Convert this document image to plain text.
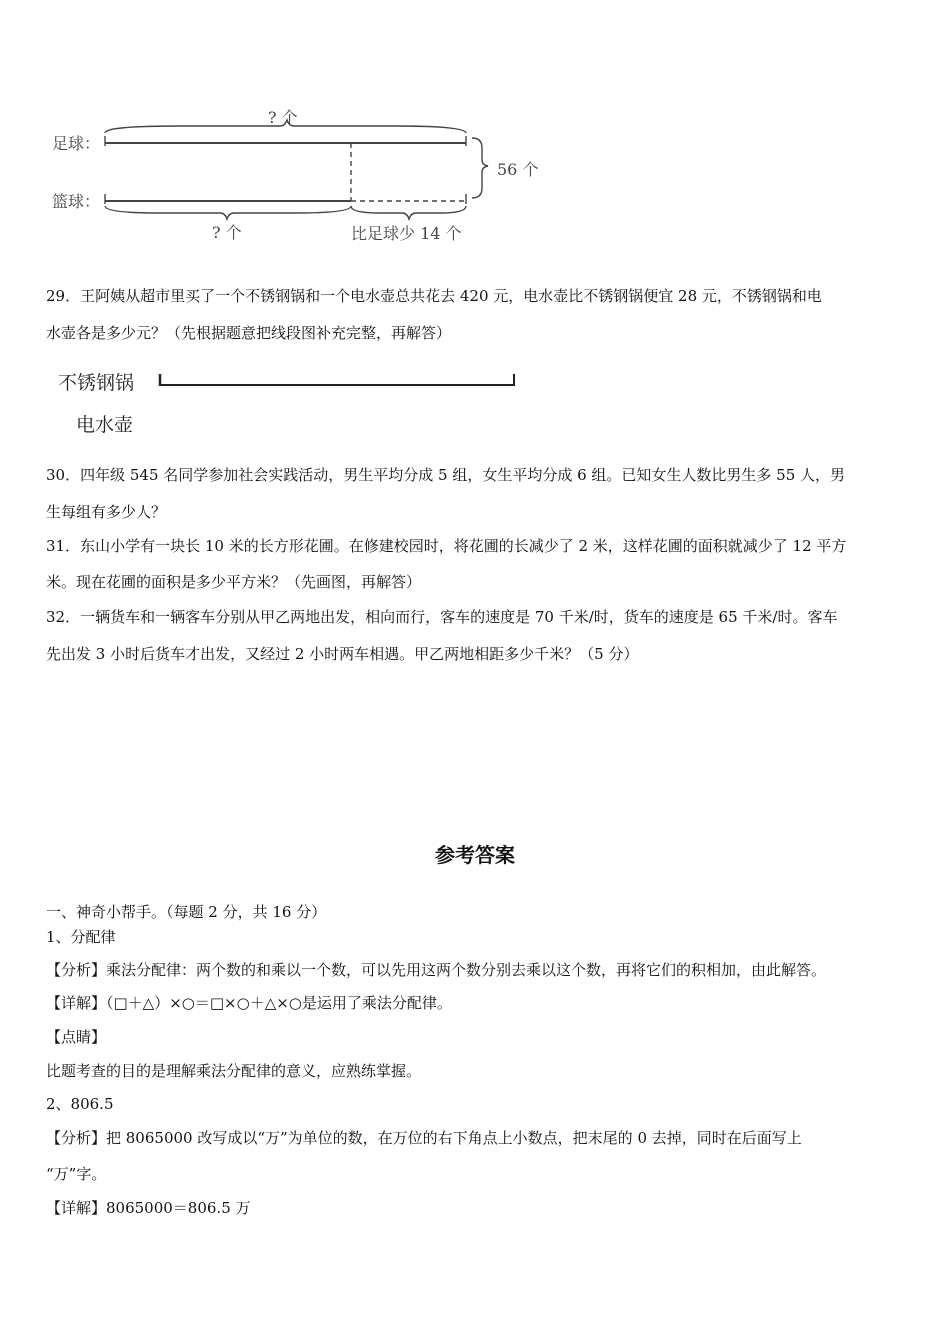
足球：
篮球：
? 个
56 个
? 个	比足球少 14 个
29．王阿姨从超市里买了一个不锈钢锅和一个电水壶总共花去 420 元，电水壶比不锈钢锅便宜 28 元，不锈钢锅和电
水壶各是多少元？（先根据题意把线段图补充完整，再解答）
不锈钢锅
电水壶
30．四年级 545 名同学参加社会实践活动，男生平均分成 5 组，女生平均分成 6 组。已知女生人数比男生多 55 人，男
生每组有多少人？
31．东山小学有一块长 10 米的长方形花圃。在修建校园时，将花圃的长减少了 2 米，这样花圃的面积就减少了 12 平方
米。现在花圃的面积是多少平方米？（先画图，再解答）
32．一辆货车和一辆客车分别从甲乙两地出发，相向而行，客车的速度是 70 千米/时，货车的速度是 65 千米/时。客车
先出发 3 小时后货车才出发，又经过 2 小时两车相遇。甲乙两地相距多少千米？（5 分）
参考答案
一、神奇小帮手。（每题 2 分，共 16 分）
1、分配律
【分析】乘法分配律：两个数的和乘以一个数，可以先用这两个数分别去乘以这个数，再将它们的积相加，由此解答。
【详解】（□＋△）×○＝□×○＋△×○是运用了乘法分配律。
【点睛】
比题考查的目的是理解乘法分配律的意义，应熟练掌握。
2、806.5
【分析】把 8065000 改写成以“万”为单位的数，在万位的右下角点上小数点，把末尾的 0 去掉，同时在后面写上
“万”字。
【详解】8065000＝806.5 万
